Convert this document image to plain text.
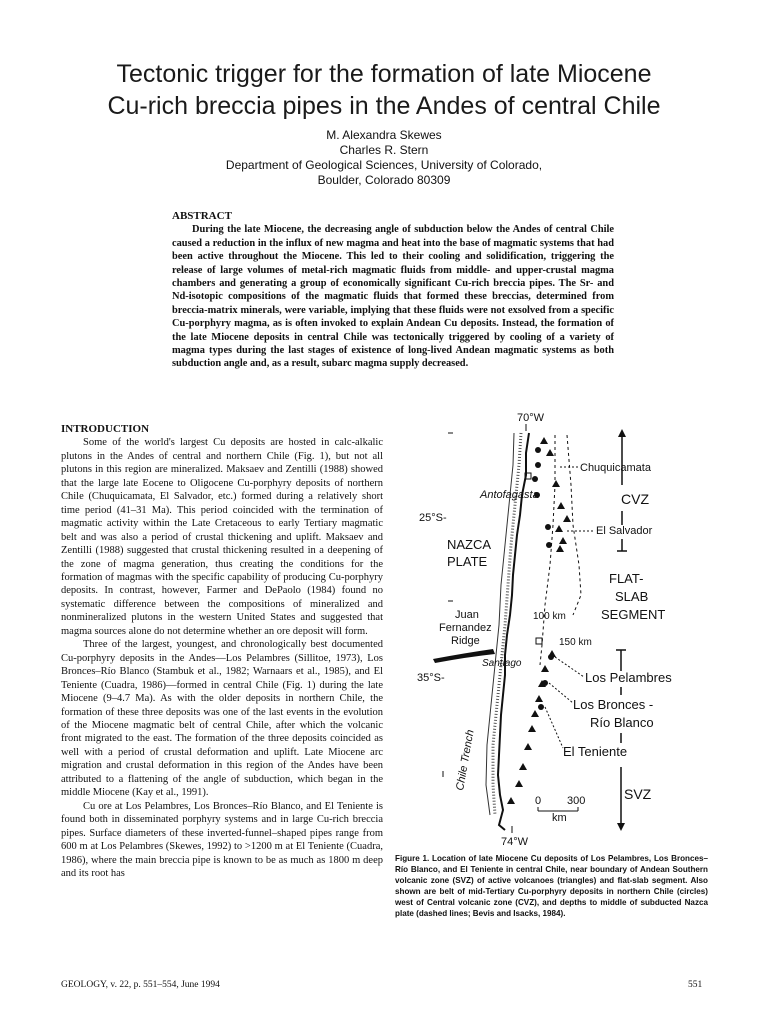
Tectonic trigger for the formation of late Miocene
Cu-rich breccia pipes in the Andes of central Chile
M. Alexandra Skewes
Charles R. Stern
Department of Geological Sciences, University of Colorado,
Boulder, Colorado 80309
ABSTRACT
During the late Miocene, the decreasing angle of subduction below the Andes of central Chile caused a reduction in the influx of new magma and heat into the base of magmatic systems that had been active throughout the Miocene. This led to their cooling and solidification, triggering the release of large volumes of metal-rich magmatic fluids from middle- and upper-crustal magma chambers and generating a group of economically significant Cu-rich breccia pipes. The Sr- and Nd-isotopic compositions of the magmatic fluids that formed these breccias, determined from breccia-matrix minerals, were variable, implying that these fluids were not exsolved from a specific Cu-porphyry magma, as is often invoked to explain Andean Cu deposits. Instead, the formation of the late Miocene deposits in central Chile was tectonically triggered by cooling of a variety of magma types during the last stages of existence of long-lived Andean magmatic systems as both subduction angle and, as a result, subarc magma supply decreased.
INTRODUCTION

Some of the world's largest Cu deposits are hosted in calc-alkalic plutons in the Andes of central and northern Chile (Fig. 1), but not all plutons in this region are mineralized. Maksaev and Zentilli (1988) showed that the large late Eocene to Oligocene Cu-porphyry deposits of northern Chile (Chuquicamata, El Salvador, etc.) formed during a relatively short time period (41–31 Ma). This period coincided with the termination of magmatic activity within the Late Cretaceous to early Tertiary magmatic belt and was also a period of crustal thickening and uplift. Maksaev and Zentilli (1988) suggested that crustal thickening resulted in a deepening of the zone of magma generation, thus creating the conditions for the formation of magmas with the specific capability of producing Cu-porphyry deposits. In contrast, however, Farmer and DePaolo (1984) found no systematic difference between the compositions of mineralized and nonmineralized plutons in the western United States and suggested that magma sources alone do not determine whether an ore deposit will form.

Three of the largest, youngest, and chronologically best documented Cu-porphyry deposits in the Andes—Los Pelambres (Sillitoe, 1973), Los Bronces–Río Blanco (Stambuk et al., 1982; Warnaars et al., 1985), and El Teniente (Cuadra, 1986)—formed in central Chile (Fig. 1) during the late Miocene (9–4.7 Ma). As with the older deposits in northern Chile, the formation of these three deposits was one of the last events in the evolution of the Miocene magmatic belt of central Chile, after which the volcanic front migrated to the east. The formation of the three deposits coincided as well with a period of crustal deformation and uplift. Late Miocene arc migration and crustal deformation in this region of the Andes have been attributed to a flattening of the angle of subduction, which began in the middle Miocene (Kay et al., 1991).

Cu ore at Los Pelambres, Los Bronces–Río Blanco, and El Teniente is found both in disseminated porphyry systems and in large Cu-rich breccia pipes. Surface diameters of these inverted-funnel–shaped pipes range from 600 m at Los Pelambres (Skewes, 1992) to >1200 m at El Teniente (Cuadra, 1986), where the main breccia pipe is known to be as much as 1800 m deep and its root has

70°W
74°W
25°S-
35°S-
Chuquicamata
Antofagasta	CVZ
El Salvador
NAZCA
PLATE
FLAT-
SLAB
SEGMENT
Juan
Fernandez
Ridge
100 km
150 km
Santiago
Los Pelambres
Los Bronces -
Río Blanco
El Teniente
SVZ
Chile Trench
0 300
km
Figure 1. Location of late Miocene Cu deposits of Los Pelambres, Los Bronces–Río Blanco, and El Teniente in central Chile, near boundary of Andean Southern volcanic zone (SVZ) of active volcanoes (triangles) and flat-slab segment. Also shown are belt of mid-Tertiary Cu-porphyry deposits in northern Chile (circles) west of Central volcanic zone (CVZ), and depths to middle of subducted Nazca plate (dashed lines; Bevis and Isacks, 1984).
GEOLOGY, v. 22, p. 551–554, June 1994	551
